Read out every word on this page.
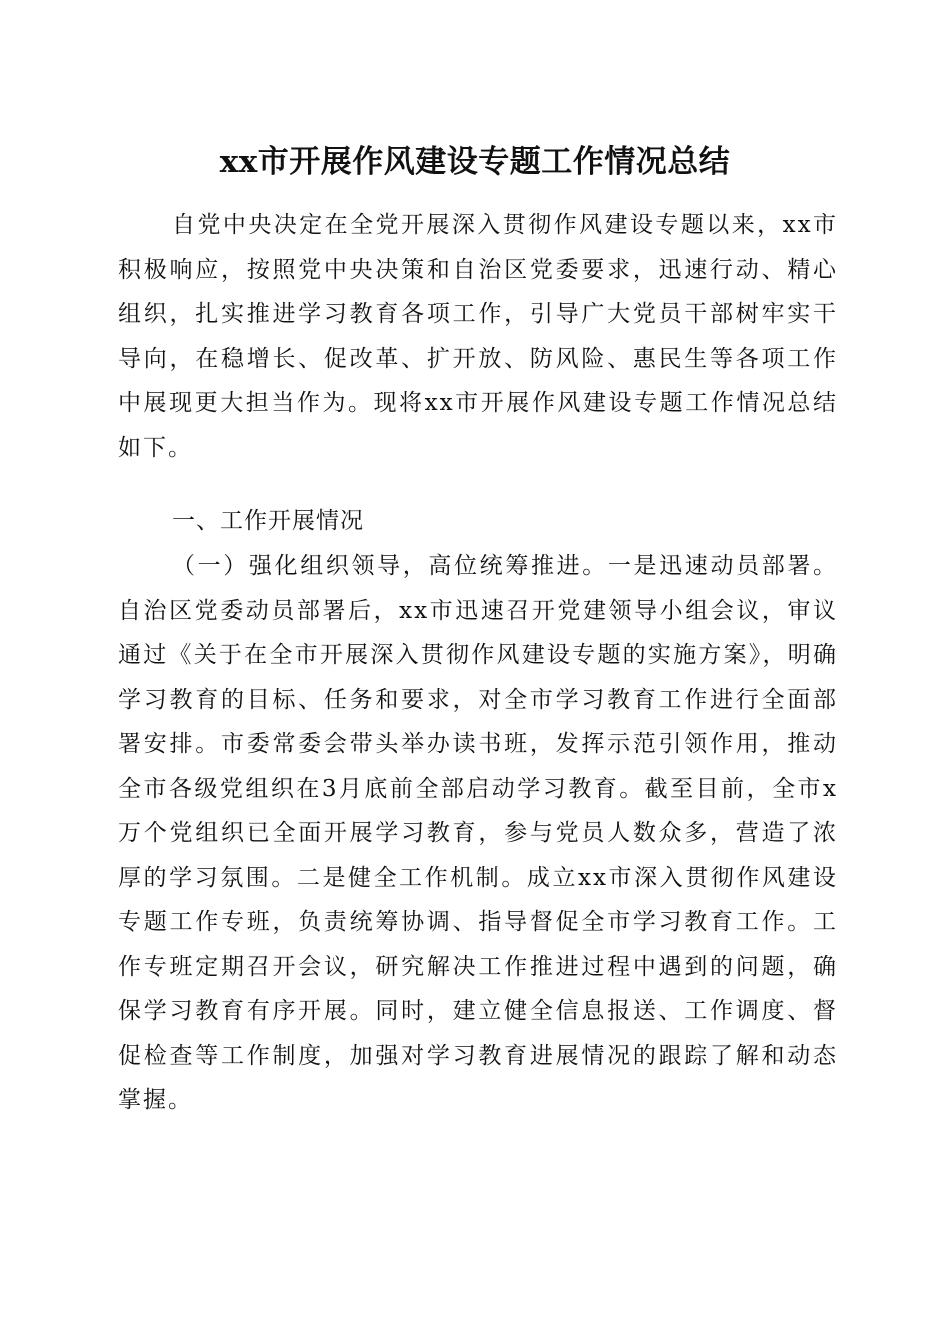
xx市开展作风建设专题工作情况总结

自党中央决定在全党开展深入贯彻作风建设专题以来，xx市积极响应，按照党中央决策和自治区党委要求，迅速行动、精心组织，扎实推进学习教育各项工作，引导广大党员干部树牢实干导向，在稳增长、促改革、扩开放、防风险、惠民生等各项工作中展现更大担当作为。现将xx市开展作风建设专题工作情况总结如下。

一、工作开展情况

（一）强化组织领导，高位统筹推进。一是迅速动员部署。自治区党委动员部署后，xx市迅速召开党建领导小组会议，审议通过《关于在全市开展深入贯彻作风建设专题的实施方案》，明确学习教育的目标、任务和要求，对全市学习教育工作进行全面部署安排。市委常委会带头举办读书班，发挥示范引领作用，推动全市各级党组织在3月底前全部启动学习教育。截至目前，全市x万个党组织已全面开展学习教育，参与党员人数众多，营造了浓厚的学习氛围。二是健全工作机制。成立xx市深入贯彻作风建设专题工作专班，负责统筹协调、指导督促全市学习教育工作。工作专班定期召开会议，研究解决工作推进过程中遇到的问题，确保学习教育有序开展。同时，建立健全信息报送、工作调度、督促检查等工作制度，加强对学习教育进展情况的跟踪了解和动态掌握。
